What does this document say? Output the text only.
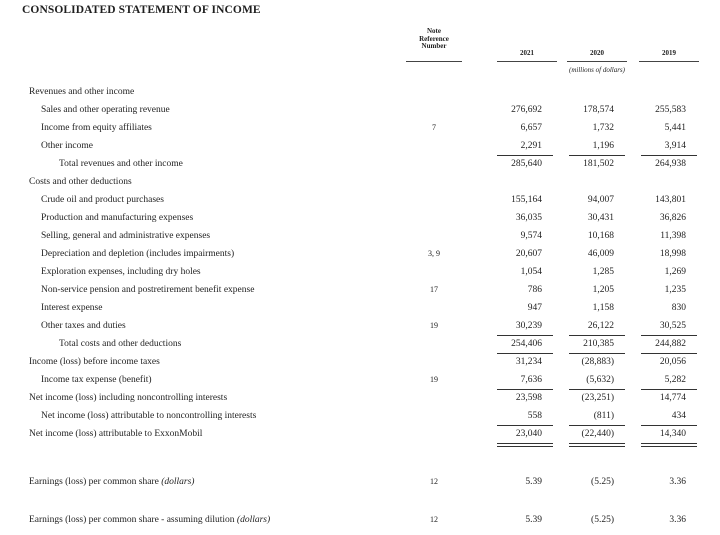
CONSOLIDATED STATEMENT OF INCOME
Note
Reference
Number
2021	2020	2019
(millions of dollars)
Revenues and other income
Sales and other operating revenue	276,692	178,574	255,583
Income from equity affiliates	7	6,657	1,732	5,441
Other income	2,291	1,196	3,914
Total revenues and other income	285,640	181,502	264,938
Costs and other deductions
Crude oil and product purchases	155,164	94,007	143,801
Production and manufacturing expenses	36,035	30,431	36,826
Selling, general and administrative expenses	9,574	10,168	11,398
Depreciation and depletion (includes impairments)	3, 9	20,607	46,009	18,998
Exploration expenses, including dry holes	1,054	1,285	1,269
Non-service pension and postretirement benefit expense	17	786	1,205	1,235
Interest expense	947	1,158	830
Other taxes and duties	19	30,239	26,122	30,525
Total costs and other deductions	254,406	210,385	244,882
Income (loss) before income taxes	31,234	(28,883)	20,056
Income tax expense (benefit)	19	7,636	(5,632)	5,282
Net income (loss) including noncontrolling interests	23,598	(23,251)	14,774
Net income (loss) attributable to noncontrolling interests	558	(811)	434
Net income (loss) attributable to ExxonMobil	23,040	(22,440)	14,340
Earnings (loss) per common share (dollars)	12	5.39	(5.25)	3.36
Earnings (loss) per common share - assuming dilution (dollars)	12	5.39	(5.25)	3.36
